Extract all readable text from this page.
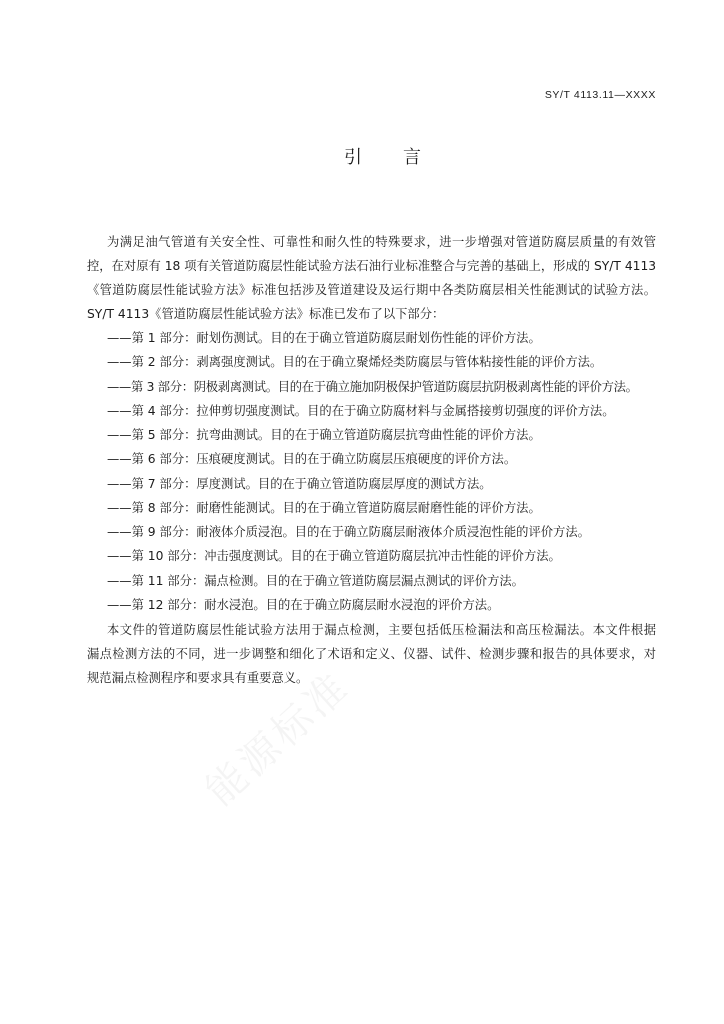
SY/T 4113.11—XXXX
引言
为满足油气管道有关安全性、可靠性和耐久性的特殊要求，进一步增强对管道防腐层质量的有效管
控，在对原有 18 项有关管道防腐层性能试验方法石油行业标准整合与完善的基础上，形成的 SY/T 4113
《管道防腐层性能试验方法》标准包括涉及管道建设及运行期中各类防腐层相关性能测试的试验方法。
SY/T 4113《管道防腐层性能试验方法》标准已发布了以下部分：
——第 1 部分：耐划伤测试。目的在于确立管道防腐层耐划伤性能的评价方法。
——第 2 部分：剥离强度测试。目的在于确立聚烯烃类防腐层与管体粘接性能的评价方法。
——第 3 部分：阴极剥离测试。目的在于确立施加阴极保护管道防腐层抗阴极剥离性能的评价方法。
——第 4 部分：拉伸剪切强度测试。目的在于确立防腐材料与金属搭接剪切强度的评价方法。
——第 5 部分：抗弯曲测试。目的在于确立管道防腐层抗弯曲性能的评价方法。
——第 6 部分：压痕硬度测试。目的在于确立防腐层压痕硬度的评价方法。
——第 7 部分：厚度测试。目的在于确立管道防腐层厚度的测试方法。
——第 8 部分：耐磨性能测试。目的在于确立管道防腐层耐磨性能的评价方法。
——第 9 部分：耐液体介质浸泡。目的在于确立防腐层耐液体介质浸泡性能的评价方法。
——第 10 部分：冲击强度测试。目的在于确立管道防腐层抗冲击性能的评价方法。
——第 11 部分：漏点检测。目的在于确立管道防腐层漏点测试的评价方法。
——第 12 部分：耐水浸泡。目的在于确立防腐层耐水浸泡的评价方法。
本文件的管道防腐层性能试验方法用于漏点检测，主要包括低压检漏法和高压检漏法。本文件根据
漏点检测方法的不同，进一步调整和细化了术语和定义、仪器、试件、检测步骤和报告的具体要求，对
规范漏点检测程序和要求具有重要意义。
